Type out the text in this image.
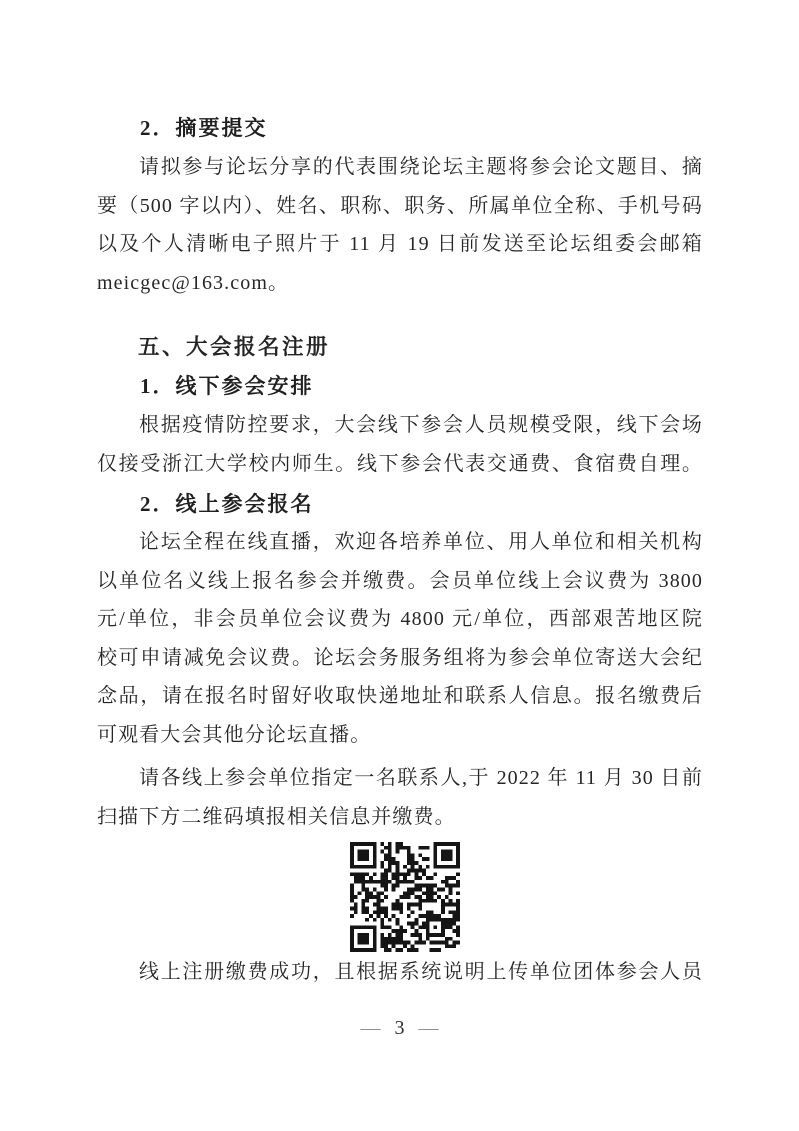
2．摘要提交
请拟参与论坛分享的代表围绕论坛主题将参会论文题目、摘
要（500 字以内）、姓名、职称、职务、所属单位全称、手机号码
以及个人清晰电子照片于 11 月 19 日前发送至论坛组委会邮箱
meicgec@163.com。
五、大会报名注册
1．线下参会安排
根据疫情防控要求，大会线下参会人员规模受限，线下会场
仅接受浙江大学校内师生。线下参会代表交通费、食宿费自理。
2．线上参会报名
论坛全程在线直播，欢迎各培养单位、用人单位和相关机构
以单位名义线上报名参会并缴费。会员单位线上会议费为 3800
元/单位，非会员单位会议费为 4800 元/单位，西部艰苦地区院
校可申请减免会议费。论坛会务服务组将为参会单位寄送大会纪
念品，请在报名时留好收取快递地址和联系人信息。报名缴费后
可观看大会其他分论坛直播。
请各线上参会单位指定一名联系人,于 2022 年 11 月 30 日前
扫描下方二维码填报相关信息并缴费。
线上注册缴费成功，且根据系统说明上传单位团体参会人员
— 3 —
